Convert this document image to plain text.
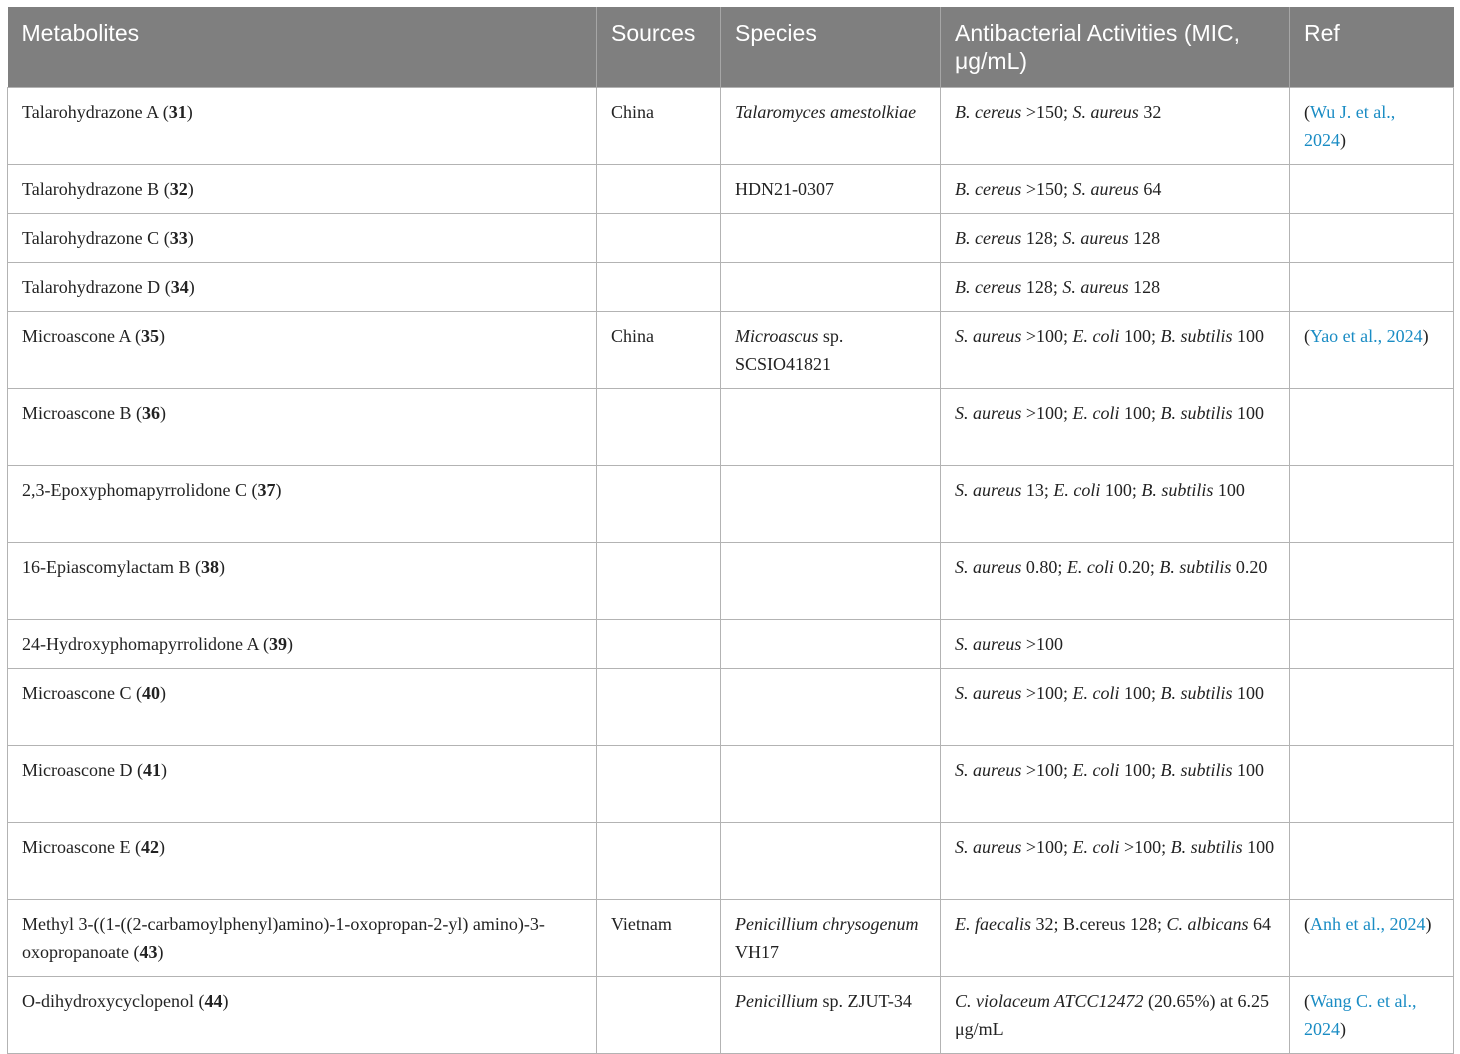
Metabolites	Sources	Species	Antibacterial Activities (MIC, μg/mL)	Ref
Talarohydrazone A (31)	China	Talaromyces amestolkiae	B. cereus >150; S. aureus 32	(Wu J. et al., 2024)
Talarohydrazone B (32)		HDN21-0307	B. cereus >150; S. aureus 64	
Talarohydrazone C (33)			B. cereus 128; S. aureus 128	
Talarohydrazone D (34)			B. cereus 128; S. aureus 128	
Microascone A (35)	China	Microascus sp. SCSIO41821	S. aureus >100; E. coli 100; B. subtilis 100	(Yao et al., 2024)
Microascone B (36)			S. aureus >100; E. coli 100; B. subtilis 100	
2,3-Epoxyphomapyrrolidone C (37)			S. aureus 13; E. coli 100; B. subtilis 100	
16-Epiascomylactam B (38)			S. aureus 0.80; E. coli 0.20; B. subtilis 0.20	
24-Hydroxyphomapyrrolidone A (39)			S. aureus >100	
Microascone C (40)			S. aureus >100; E. coli 100; B. subtilis 100	
Microascone D (41)			S. aureus >100; E. coli 100; B. subtilis 100	
Microascone E (42)			S. aureus >100; E. coli >100; B. subtilis 100	
Methyl 3-((1-((2-carbamoylphenyl)amino)-1-oxopropan-2-yl) amino)-3-oxopropanoate (43)	Vietnam	Penicillium chrysogenum VH17	E. faecalis 32; B.cereus 128; C. albicans 64	(Anh et al., 2024)
O-dihydroxycyclopenol (44)		Penicillium sp. ZJUT-34	C. violaceum ATCC12472 (20.65%) at 6.25 μg/mL	(Wang C. et al., 2024)
